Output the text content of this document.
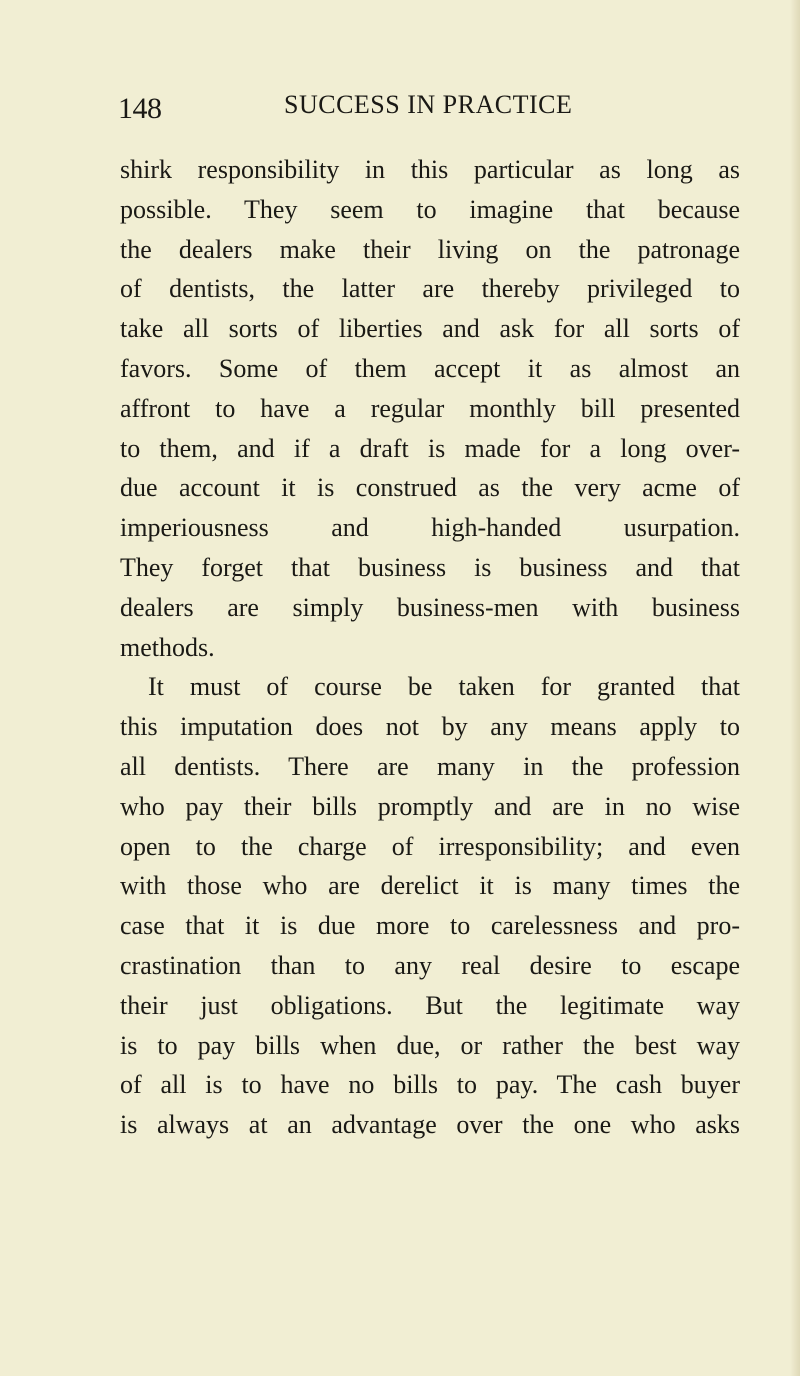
148	SUCCESS IN PRACTICE
shirk responsibility in this particular as long as
possible. They seem to imagine that because
the dealers make their living on the patronage
of dentists, the latter are thereby privileged to
take all sorts of liberties and ask for all sorts of
favors. Some of them accept it as almost an
affront to have a regular monthly bill presented
to them, and if a draft is made for a long over-
due account it is construed as the very acme of
imperiousness and high-handed usurpation.
They forget that business is business and that
dealers are simply business-men with business
methods.
It must of course be taken for granted that
this imputation does not by any means apply to
all dentists. There are many in the profession
who pay their bills promptly and are in no wise
open to the charge of irresponsibility; and even
with those who are derelict it is many times the
case that it is due more to carelessness and pro-
crastination than to any real desire to escape
their just obligations. But the legitimate way
is to pay bills when due, or rather the best way
of all is to have no bills to pay. The cash buyer
is always at an advantage over the one who asks
